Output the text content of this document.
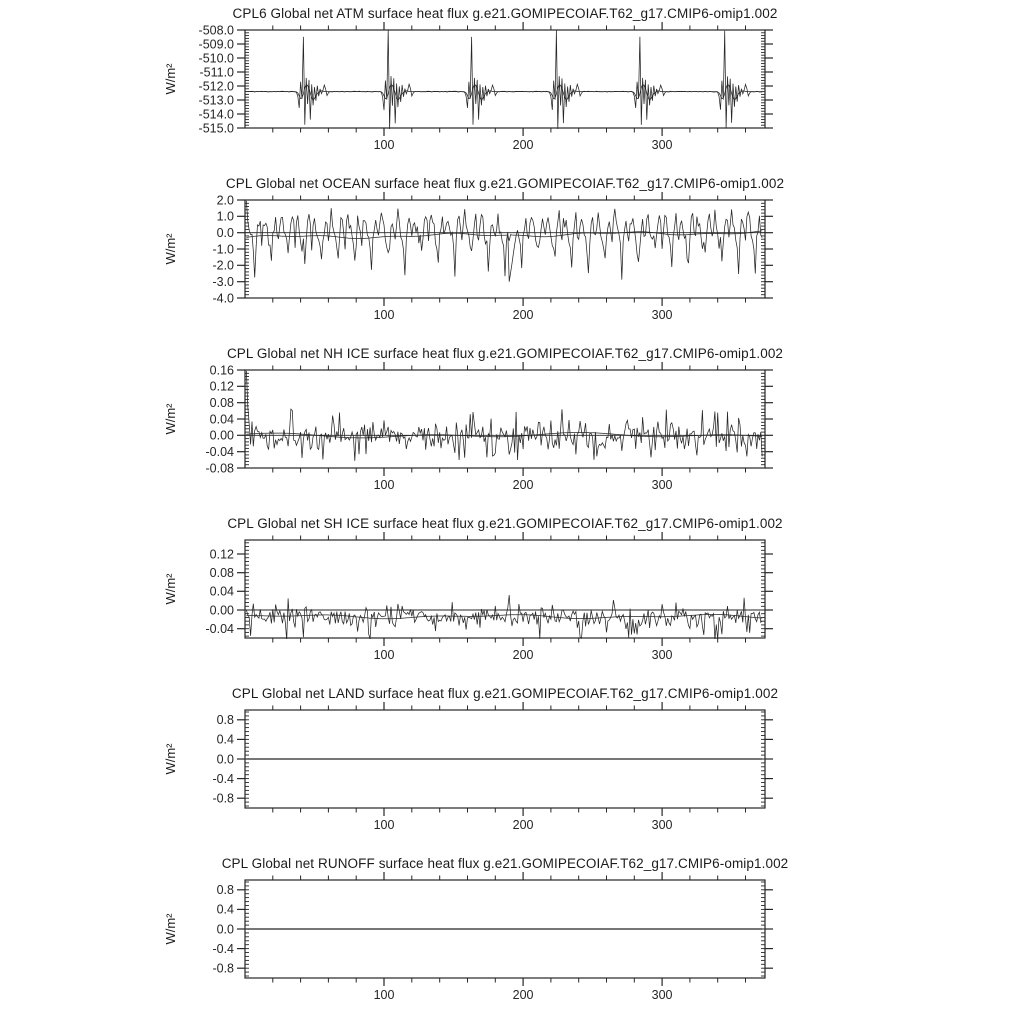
100	200	300
-508.0
-509.0
-510.0
-511.0
-512.0
-513.0
-514.0
-515.0
CPL6 Global net ATM surface heat flux g.e21.GOMIPECOIAF.T62_g17.CMIP6-omip1.002
W/m²
100	200	300
2.0
1.0
0.0
-1.0
-2.0
-3.0
-4.0
CPL Global net OCEAN surface heat flux g.e21.GOMIPECOIAF.T62_g17.CMIP6-omip1.002
W/m²
100	200	300
0.16
0.12
0.08
0.04
0.00
-0.04
-0.08
CPL Global net NH ICE surface heat flux g.e21.GOMIPECOIAF.T62_g17.CMIP6-omip1.002
W/m²
100	200	300
0.12
0.08
0.04
0.00
-0.04
CPL Global net SH ICE surface heat flux g.e21.GOMIPECOIAF.T62_g17.CMIP6-omip1.002
W/m²
100	200	300
0.8
0.4
0.0
-0.4
-0.8
CPL Global net LAND surface heat flux g.e21.GOMIPECOIAF.T62_g17.CMIP6-omip1.002
W/m²
100	200	300
0.8
0.4
0.0
-0.4
-0.8
CPL Global net RUNOFF surface heat flux g.e21.GOMIPECOIAF.T62_g17.CMIP6-omip1.002
W/m²
